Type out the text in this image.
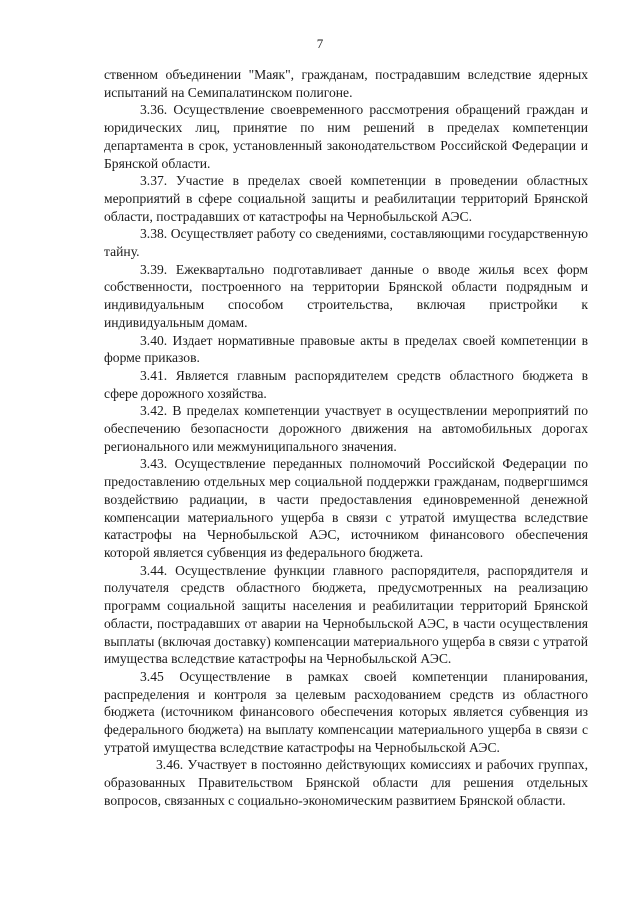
7

ственном объединении "Маяк", гражданам, пострадавшим вследствие ядерных испытаний на Семипалатинском полигоне.

3.36. Осуществление своевременного рассмотрения обращений граждан и юридических лиц, принятие по ним решений в пределах компетенции департамента в срок, установленный законодательством Российской Федерации и Брянской области.

3.37. Участие в пределах своей компетенции в проведении областных мероприятий в сфере социальной защиты и реабилитации территорий Брянской области, пострадавших от катастрофы на Чернобыльской АЭС.

3.38. Осуществляет работу со сведениями, составляющими государственную тайну.

3.39. Ежеквартально подготавливает данные о вводе жилья всех форм собственности, построенного на территории Брянской области подрядным и индивидуальным способом строительства, включая пристройки к индивидуальным домам.

3.40. Издает нормативные правовые акты в пределах своей компетенции в форме приказов.

3.41. Является главным распорядителем средств областного бюджета в сфере дорожного хозяйства.

3.42. В пределах компетенции участвует в осуществлении мероприятий по обеспечению безопасности дорожного движения на автомобильных дорогах регионального или межмуниципального значения.

3.43. Осуществление переданных полномочий Российской Федерации по предоставлению отдельных мер социальной поддержки гражданам, подвергшимся воздействию радиации, в части предоставления единовременной денежной компенсации материального ущерба в связи с утратой имущества вследствие катастрофы на Чернобыльской АЭС, источником финансового обеспечения которой является субвенция из федерального бюджета.

3.44. Осуществление функции главного распорядителя, распорядителя и получателя средств областного бюджета, предусмотренных на реализацию программ социальной защиты населения и реабилитации территорий Брянской области, пострадавших от аварии на Чернобыльской АЭС, в части осуществления выплаты (включая доставку) компенсации материального ущерба в связи с утратой имущества вследствие катастрофы на Чернобыльской АЭС.

3.45 Осуществление в рамках своей компетенции планирования, распределения и контроля за целевым расходованием средств из областного бюджета (источником финансового обеспечения которых является субвенция из федерального бюджета) на выплату компенсации материального ущерба в связи с утратой имущества вследствие катастрофы на Чернобыльской АЭС.

3.46. Участвует в постоянно действующих комиссиях и рабочих группах, образованных Правительством Брянской области для решения отдельных вопросов, связанных с социально-экономическим развитием Брянской области.
